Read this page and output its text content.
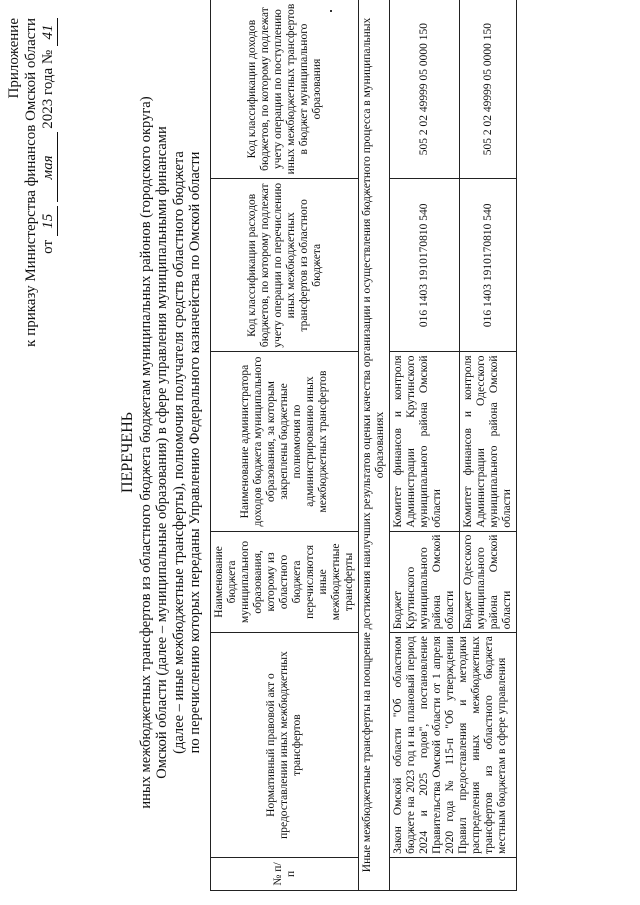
Приложение к приказу Министерства финансов Омской области от 15 мая 2023 года № 41
ПЕРЕЧЕНЬ иных межбюджетных трансфертов из областного бюджета бюджетам муниципальных районов (городского округа) Омской области (далее – муниципальные образования) в сфере управления муниципальными финансами (далее – иные межбюджетные трансферты), полномочия получателя средств областного бюджета по перечислению которых переданы Управлению Федерального казначейства по Омской области
№ п/п	Нормативный правовой акт о предоставлении иных межбюджетных трансфертов	Наименование бюджета муниципального образования, которому из областного бюджета перечисляются иные межбюджетные трансферты	Наименование администратора доходов бюджета муниципального образования, за которым закреплены бюджетные полномочия по администрированию иных межбюджетных трансфертов	Код классификации расходов бюджетов, по которому подлежат учету операции по перечислению иных межбюджетных трансфертов из областного бюджета	Код классификации доходов бюджетов, по которому подлежат учету операции по поступлению иных межбюджетных трансфертов в бюджет муниципального образования
Иные межбюджетные трансферты на поощрение достижения наилучших результатов оценки качества организации и осуществления бюджетного процесса в муниципальных образованиях					
	Закон Омской области "Об областном бюджете на 2023 год и на плановый период 2024 и 2025 годов", постановление Правительства Омской области от 1 апреля 2020 года № 115-п "Об утверждении Правил предоставления и методики распределения иных межбюджетных трансфертов из областного бюджета местным бюджетам в сфере управления	Бюджет Крутинского муниципального района Омской области	Комитет финансов и контроля Администрации Крутинского муниципального района Омской области	016 1403 1910170810 540	505 2 02 49999 05 0000 150
		Бюджет Одесского муниципального района Омской области	Комитет финансов и контроля Администрации Одесского муниципального района Омской области	016 1403 1910170810 540	505 2 02 49999 05 0000 150
